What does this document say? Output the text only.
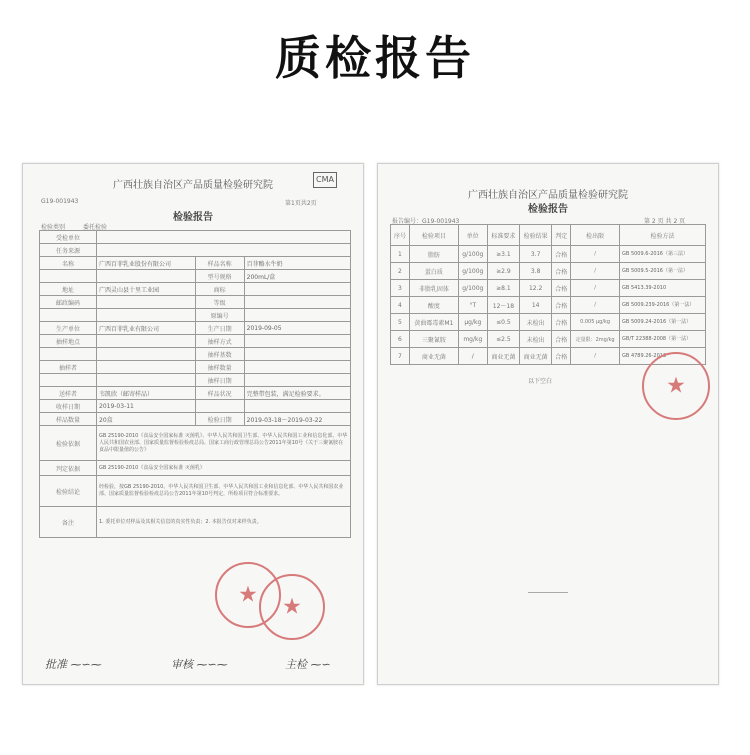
质检报告
广西壮族自治区产品质量检验研究院
CMA
G19-001943	第1页共2页
检验报告
检验类别	委托检验
受检单位			
任务来源			
名称	广西百菲乳业股份有限公司	样品名称	百菲酪水牛奶
		型号规格	200mL/盒
地址	广西灵山县十里工业园	商标	
邮政编码		等级	
		原编号	
生产单位	广西百菲乳业有限公司	生产日期	2019-09-05
抽样地点		抽样方式	
		抽样基数	
抽样者		抽样数量	
		抽样日期	
送样者	韦凯欣（邮寄样品）	样品状况	完整带包装，满足检验要求。
收样日期	2019-03-11		
样品数量	20盒	检验日期	2019-03-18～2019-03-22
检验依据	GB 25190-2010《食品安全国家标准 灭菌乳》、中华人民共和国卫生部、中华人民共和国工业和信息化部、中华人民共和国农业部、国家质量监督检验检疫总局、国家工商行政管理总局公告2011年第10号《关于三聚氰胺在食品中限量值的公告》		
判定依据	GB 25190-2010《食品安全国家标准 灭菌乳》		
检验结论	经检验，按GB 25190-2010、中华人民共和国卫生部、中华人民共和国工业和信息化部、中华人民共和国农业部、国家质量监督检验检疫总局公告2011年第10号判定，所检项目符合标准要求。		
备注	1. 委托单位对样品及其相关信息的真实性负责；2. 本报告仅对来样负责。		
★ ★
批准 ⁓∽⁓	审核 ⁓∽⁓	主检 ⁓∽
广西壮族自治区产品质量检验研究院
检验报告
报告编号：G19-001943	第 2 页 共 2 页
序号	检验项目	单位	标准要求	检验结果	判定	检出限	检验方法
1	脂肪	g/100g	≥3.1	3.7	合格	/	GB 5009.6-2016（第三法）
2	蛋白质	g/100g	≥2.9	3.8	合格	/	GB 5009.5-2016（第一法）
3	非脂乳固体	g/100g	≥8.1	12.2	合格	/	GB 5413.39-2010
4	酸度	°T	12～18	14	合格	/	GB 5009.239-2016（第一法）
5	黄曲霉毒素M1	μg/kg	≤0.5	未检出	合格	0.005 μg/kg	GB 5009.24-2016（第一法）
6	三聚氰胺	mg/kg	≤2.5	未检出	合格	定量限：2mg/kg	GB/T 22388-2008（第一法）
7	商业无菌	/	商业无菌	商业无菌	合格	/	GB 4789.26-2013
以下空白	★
